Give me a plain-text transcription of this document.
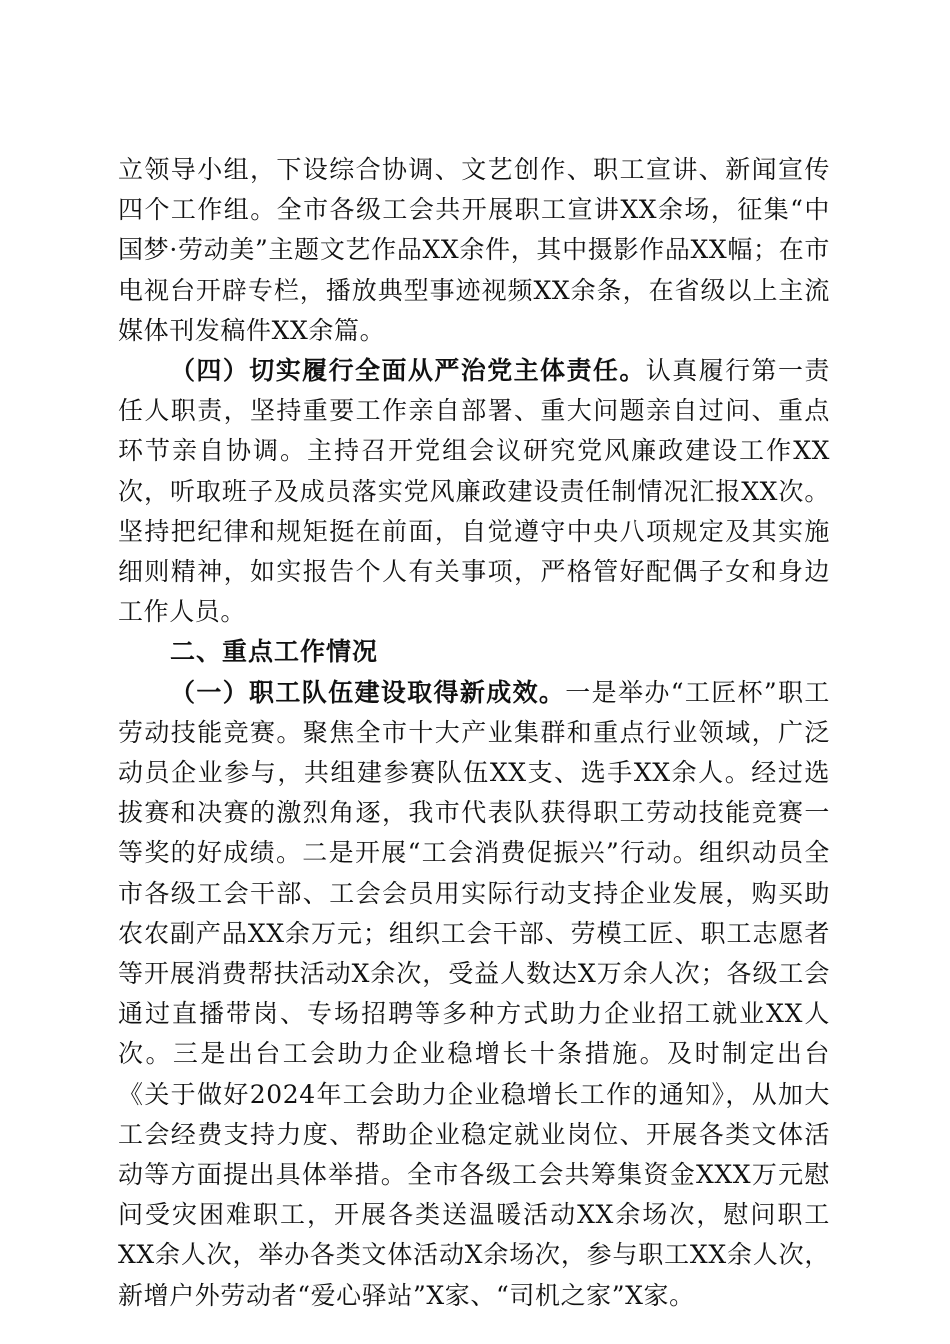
立领导小组，下设综合协调、文艺创作、职工宣讲、新闻宣传四个工作组。全市各级工会共开展职工宣讲XX余场，征集“中国梦·劳动美”主题文艺作品XX余件，其中摄影作品XX幅；在市电视台开辟专栏，播放典型事迹视频XX余条，在省级以上主流媒体刊发稿件XX余篇。

（四）切实履行全面从严治党主体责任。认真履行第一责任人职责，坚持重要工作亲自部署、重大问题亲自过问、重点环节亲自协调。主持召开党组会议研究党风廉政建设工作XX次，听取班子及成员落实党风廉政建设责任制情况汇报XX次。坚持把纪律和规矩挺在前面，自觉遵守中央八项规定及其实施细则精神，如实报告个人有关事项，严格管好配偶子女和身边工作人员。

二、重点工作情况

（一）职工队伍建设取得新成效。一是举办“工匠杯”职工劳动技能竞赛。聚焦全市十大产业集群和重点行业领域，广泛动员企业参与，共组建参赛队伍XX支、选手XX余人。经过选拔赛和决赛的激烈角逐，我市代表队获得职工劳动技能竞赛一等奖的好成绩。二是开展“工会消费促振兴”行动。组织动员全市各级工会干部、工会会员用实际行动支持企业发展，购买助农农副产品XX余万元；组织工会干部、劳模工匠、职工志愿者等开展消费帮扶活动X余次，受益人数达X万余人次；各级工会通过直播带岗、专场招聘等多种方式助力企业招工就业XX人次。三是出台工会助力企业稳增长十条措施。及时制定出台《关于做好2024年工会助力企业稳增长工作的通知》，从加大工会经费支持力度、帮助企业稳定就业岗位、开展各类文体活动等方面提出具体举措。全市各级工会共筹集资金XXX万元慰问受灾困难职工，开展各类送温暖活动XX余场次，慰问职工XX余人次，举办各类文体活动X余场次，参与职工XX余人次，新增户外劳动者“爱心驿站”X家、“司机之家”X家。
